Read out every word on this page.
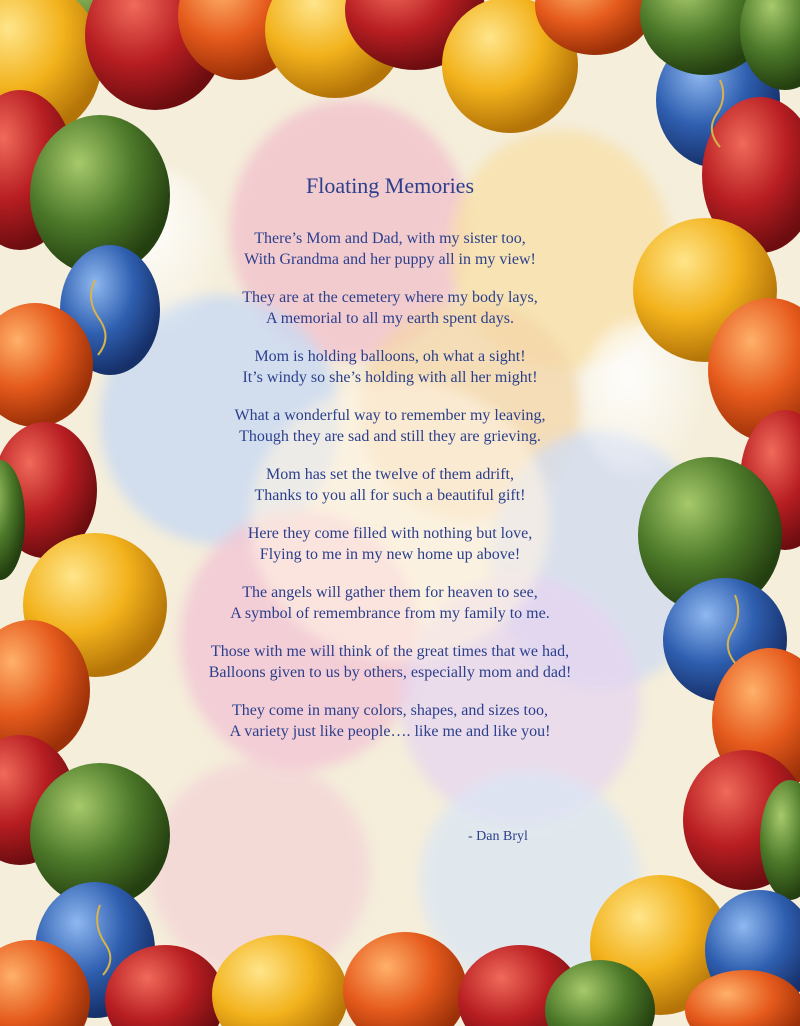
Floating Memories
There’s Mom and Dad, with my sister too,
With Grandma and her puppy all in my view!
They are at the cemetery where my body lays,
A memorial to all my earth spent days.
Mom is holding balloons, oh what a sight!
It’s windy so she’s holding with all her might!
What a wonderful way to remember my leaving,
Though they are sad and still they are grieving.
Mom has set the twelve of them adrift,
Thanks to you all for such a beautiful gift!
Here they come filled with nothing but love,
Flying to me in my new home up above!
The angels will gather them for heaven to see,
A symbol of remembrance from my family to me.
Those with me will think of the great times that we had,
Balloons given to us by others, especially mom and dad!
They come in many colors, shapes, and sizes too,
A variety just like people…. like me and like you!
- Dan Bryl
